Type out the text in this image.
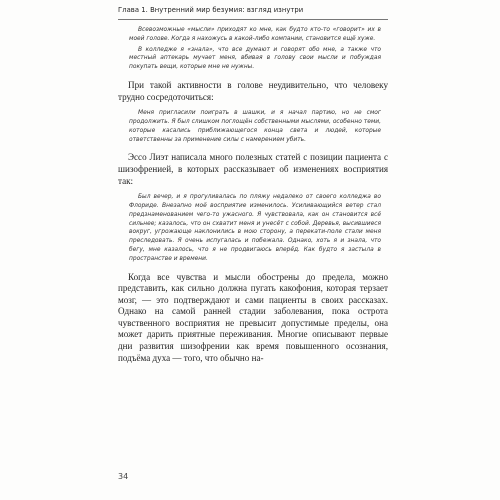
Глава 1. Внутренний мир безумия: взгляд изнутри

Всевозможные «мысли» приходят ко мне, как будто кто-то «говорит» их в моей голове. Когда я нахожусь в какой-либо компании, становится ещё хуже.

В колледже я «знала», что все думают и говорят обо мне, а также что местный аптекарь мучает меня, вбивая в голову свои мысли и побуждая покупать вещи, которые мне не нужны.

При такой активности в голове неудивительно, что человеку трудно сосредоточиться:

Меня пригласили поиграть в шашки, и я начал партию, но не смог продолжить. Я был слишком поглощён собственными мыслями, особенно теми, которые касались приближающегося конца света и людей, которые ответственны за применение силы с намерением убить.

Эссо Лиэт написала много полезных статей с позиции пациента с шизофренией, в которых рассказывает об изменениях восприятия так:

Был вечер, и я прогуливалась по пляжу недалеко от своего колледжа во Флориде. Внезапно моё восприятие изменилось. Усиливающийся ветер стал предзнаменованием чего-то ужасного. Я чувствовала, как он становится всё сильнее; казалось, что он схватит меня и унесёт с собой. Деревья, высившиеся вокруг, угрожающе наклонились в мою сторону, а перекати-поле стали меня преследовать. Я очень испугалась и побежала. Однако, хоть я и знала, что бегу, мне казалось, что я не продвигаюсь вперёд. Как будто я застыла в пространстве и времени.

Когда все чувства и мысли обострены до предела, можно представить, как сильно должна пугать какофония, которая терзает мозг, — это подтверждают и сами пациенты в своих рассказах. Однако на самой ранней стадии заболевания, пока острота чувственного восприятия не превысит допустимые пределы, она может дарить приятные переживания. Многие описывают первые дни развития шизофрении как время повышенного осознания, подъёма духа — того, что обычно на-

34
